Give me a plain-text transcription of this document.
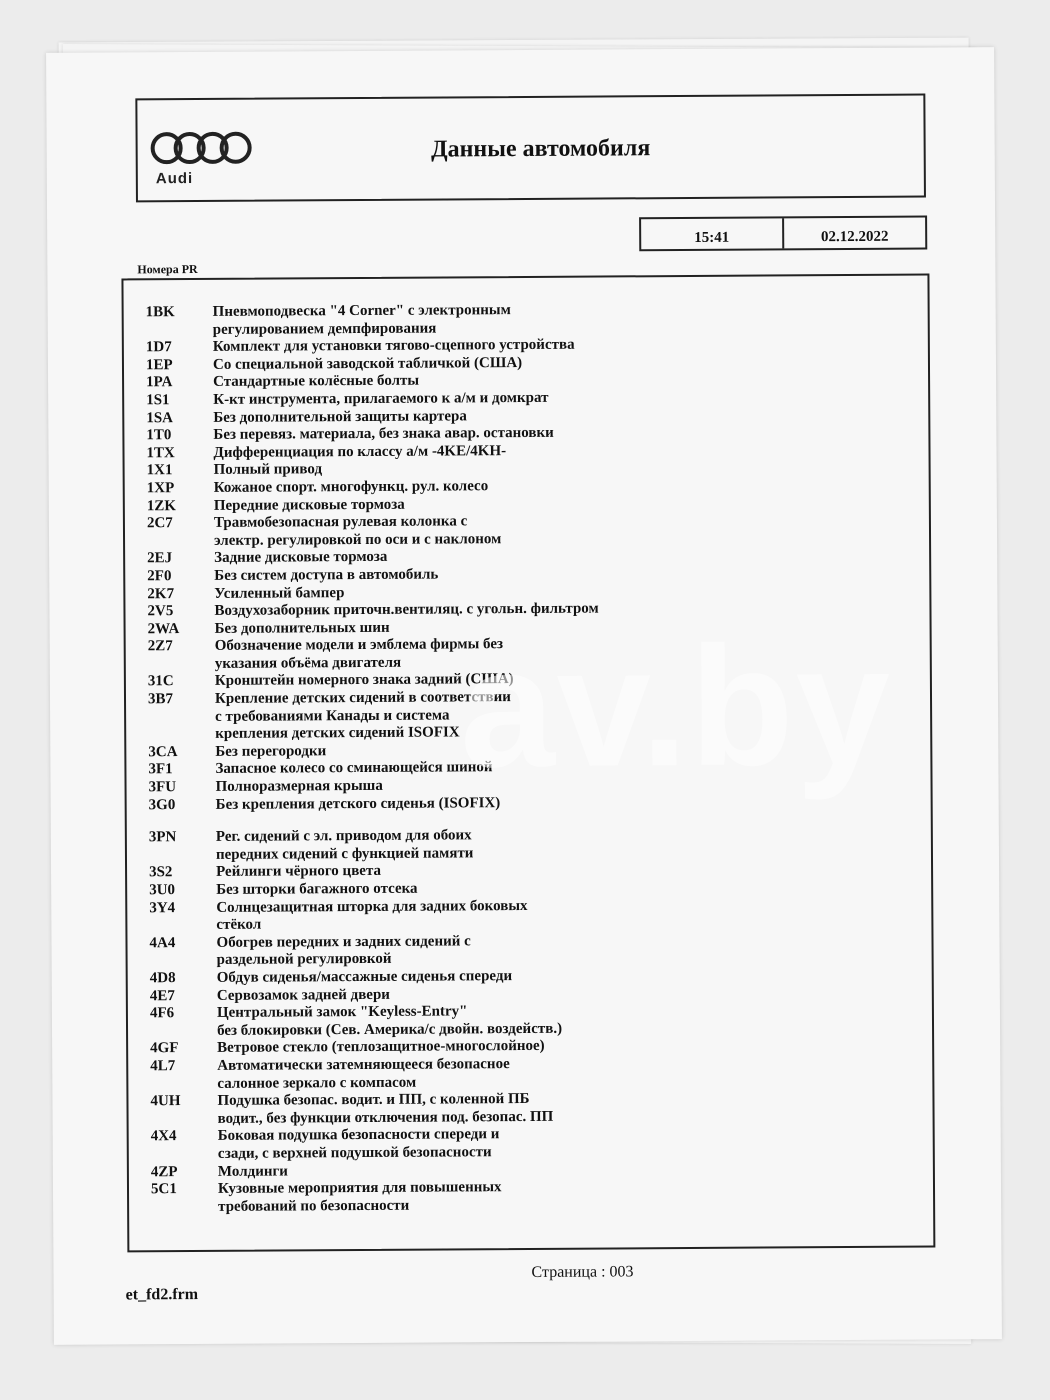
Audi
Данные автомобиля
15:41	02.12.2022
Номера PR
1BK	Пневмоподвеска "4 Corner" с электронным
регулированием демпфирования
1D7	Комплект для установки тягово-сцепного устройства
1EP	Со специальной заводской табличкой (США)
1PA	Стандартные колёсные болты
1S1	К-кт инструмента, прилагаемого к а/м и домкрат
1SA	Без дополнительной защиты картера
1T0	Без перевяз. материала, без знака авар. остановки
1TX	Дифференциация по классу а/м -4KE/4KH-
1X1	Полный привод
1XP	Кожаное спорт. многофункц. рул. колесо
1ZK	Передние дисковые тормоза
2C7	Травмобезопасная рулевая колонка с
электр. регулировкой по оси и с наклоном
2EJ	Задние дисковые тормоза
2F0	Без систем доступа в автомобиль
2K7	Усиленный бампер
2V5	Воздухозаборник приточн.вентиляц. с угольн. фильтром
2WA	Без дополнительных шин
2Z7	Обозначение модели и эмблема фирмы без
указания объёма двигателя
31C	Кронштейн номерного знака задний (США)
3B7	Крепление детских сидений в соответствии
с требованиями Канады и система
крепления детских сидений ISOFIX
3CA	Без перегородки
3F1	Запасное колесо со сминающейся шиной
3FU	Полноразмерная крыша
3G0	Без крепления детского сиденья (ISOFIX)
3PN	Рег. сидений с эл. приводом для обоих
передних сидений с функцией памяти
3S2	Рейлинги чёрного цвета
3U0	Без шторки багажного отсека
3Y4	Солнцезащитная шторка для задних боковых
стёкол
4A4	Обогрев передних и задних сидений с
раздельной регулировкой
4D8	Обдув сиденья/массажные сиденья спереди
4E7	Сервозамок задней двери
4F6	Центральный замок "Keyless-Entry"
без блокировки (Сев. Америка/с двойн. воздейств.)
4GF	Ветровое стекло (теплозащитное-многослойное)
4L7	Автоматически затемняющееся безопасное
салонное зеркало с компасом
4UH	Подушка безопас. водит. и ПП, с коленной ПБ
водит., без функции отключения под. безопас. ПП
4X4	Боковая подушка безопасности спереди и
сзади, с верхней подушкой безопасности
4ZP	Молдинги
5C1	Кузовные мероприятия для повышенных
требований по безопасности
av.by
Страница : 003
et_fd2.frm
